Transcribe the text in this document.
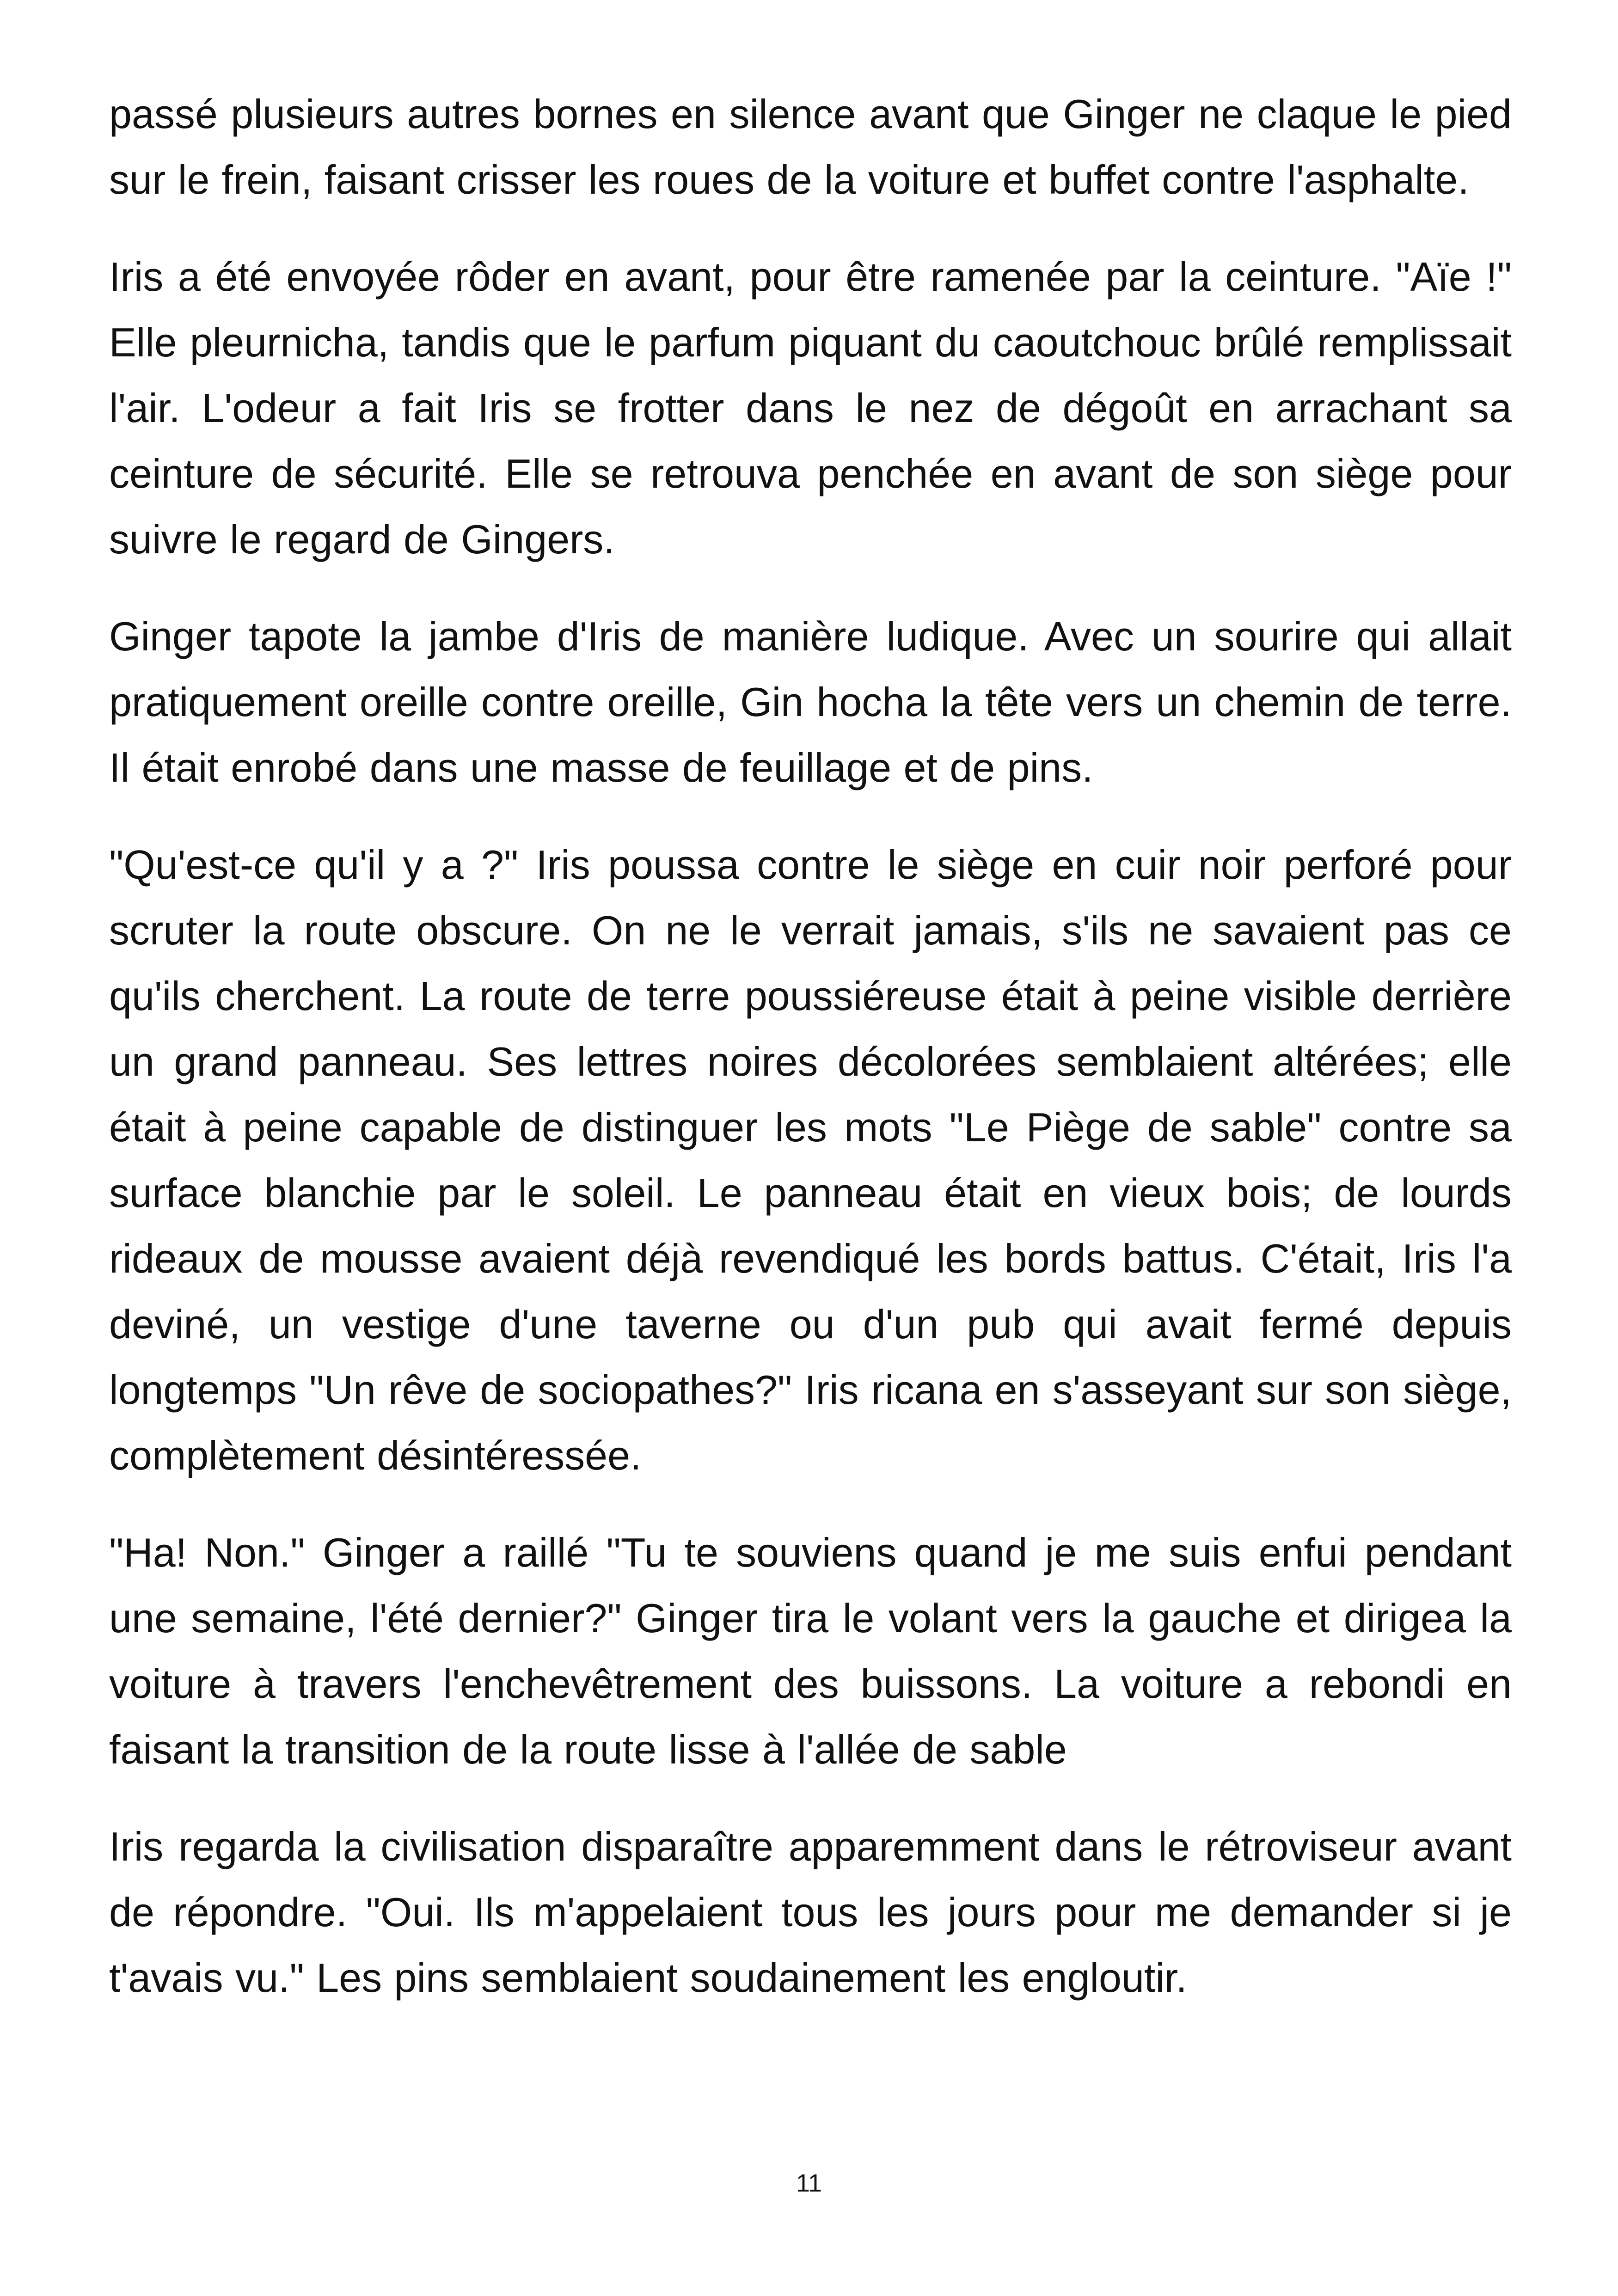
passé plusieurs autres bornes en silence avant que Ginger ne claque le pied sur le frein, faisant crisser les roues de la voiture et buffet contre l'asphalte.

Iris a été envoyée rôder en avant, pour être ramenée par la ceinture. "Aïe !" Elle pleurnicha, tandis que le parfum piquant du caoutchouc brûlé remplissait l'air. L'odeur a fait Iris se frotter dans le nez de dégoût en arrachant sa ceinture de sécurité. Elle se retrouva penchée en avant de son siège pour suivre le regard de Gingers.

Ginger tapote la jambe d'Iris de manière ludique. Avec un sourire qui allait pratiquement oreille contre oreille, Gin hocha la tête vers un chemin de terre. Il était enrobé dans une masse de feuillage et de pins.

"Qu'est-ce qu'il y a ?" Iris poussa contre le siège en cuir noir perforé pour scruter la route obscure. On ne le verrait jamais, s'ils ne savaient pas ce qu'ils cherchent. La route de terre poussiéreuse était à peine visible derrière un grand panneau. Ses lettres noires décolorées semblaient altérées; elle était à peine capable de distinguer les mots "Le Piège de sable" contre sa surface blanchie par le soleil. Le panneau était en vieux bois; de lourds rideaux de mousse avaient déjà revendiqué les bords battus. C'était, Iris l'a deviné, un vestige d'une taverne ou d'un pub qui avait fermé depuis longtemps "Un rêve de sociopathes?" Iris ricana en s'asseyant sur son siège, complètement désintéressée.

"Ha! Non." Ginger a raillé "Tu te souviens quand je me suis enfui pendant une semaine, l'été dernier?" Ginger tira le volant vers la gauche et dirigea la voiture à travers l'enchevêtrement des buissons. La voiture a rebondi en faisant la transition de la route lisse à l'allée de sable

Iris regarda la civilisation disparaître apparemment dans le rétroviseur avant de répondre. "Oui. Ils m'appelaient tous les jours pour me demander si je t'avais vu." Les pins semblaient soudainement les engloutir.

11
